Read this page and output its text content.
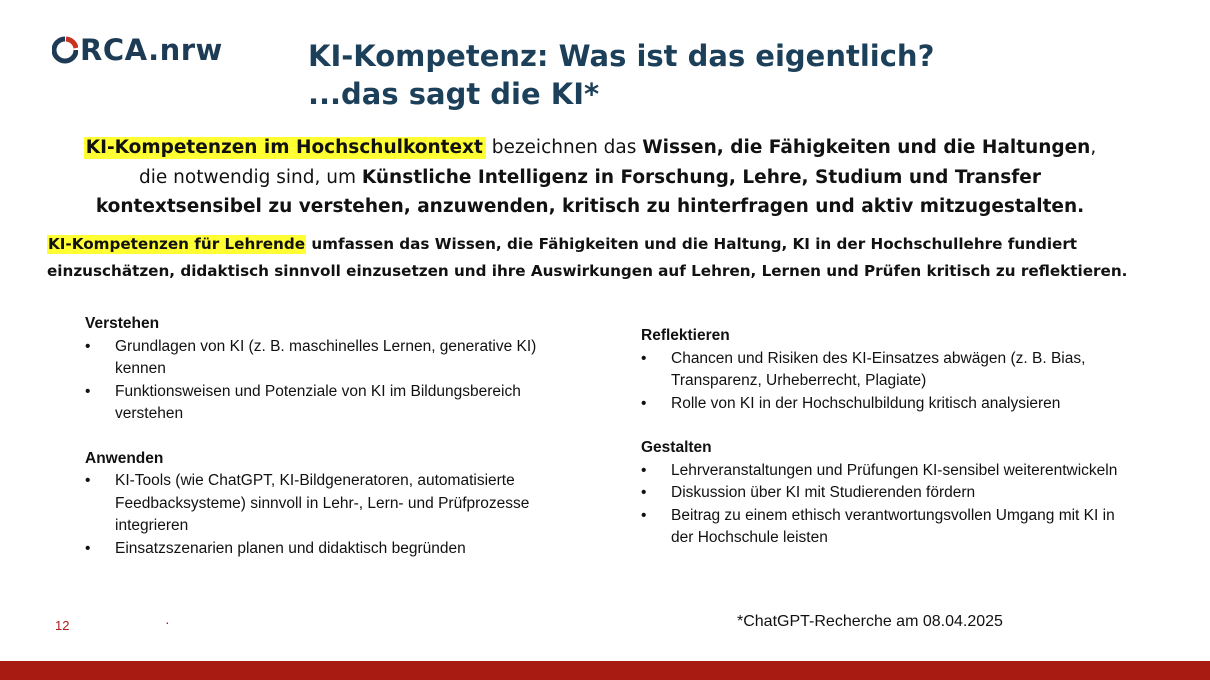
RCA.nrw	KI-Kompetenz: Was ist das eigentlich?
...das sagt die KI*

KI-Kompetenzen im Hochschulkontext bezeichnen das Wissen, die Fähigkeiten und die Haltungen, die notwendig sind, um Künstliche Intelligenz in Forschung, Lehre, Studium und Transfer kontextsensibel zu verstehen, anzuwenden, kritisch zu hinterfragen und aktiv mitzugestalten.

KI-Kompetenzen für Lehrende umfassen das Wissen, die Fähigkeiten und die Haltung, KI in der Hochschullehre fundiert einzuschätzen, didaktisch sinnvoll einzusetzen und ihre Auswirkungen auf Lehren, Lernen und Prüfen kritisch zu reflektieren.

Verstehen

• Grundlagen von KI (z. B. maschinelles Lernen, generative KI) kennen
• Funktionsweisen und Potenziale von KI im Bildungsbereich verstehen

Anwenden

• KI-Tools (wie ChatGPT, KI-Bildgeneratoren, automatisierte Feedbacksysteme) sinnvoll in Lehr-, Lern- und Prüfprozesse integrieren
• Einsatzszenarien planen und didaktisch begründen

Reflektieren

• Chancen und Risiken des KI-Einsatzes abwägen (z. B. Bias, Transparenz, Urheberrecht, Plagiate)
• Rolle von KI in der Hochschulbildung kritisch analysieren

Gestalten

• Lehrveranstaltungen und Prüfungen KI-sensibel weiterentwickeln
• Diskussion über KI mit Studierenden fördern
• Beitrag zu einem ethisch verantwortungsvollen Umgang mit KI in der Hochschule leisten
12	·	*ChatGPT-Recherche am 08.04.2025
